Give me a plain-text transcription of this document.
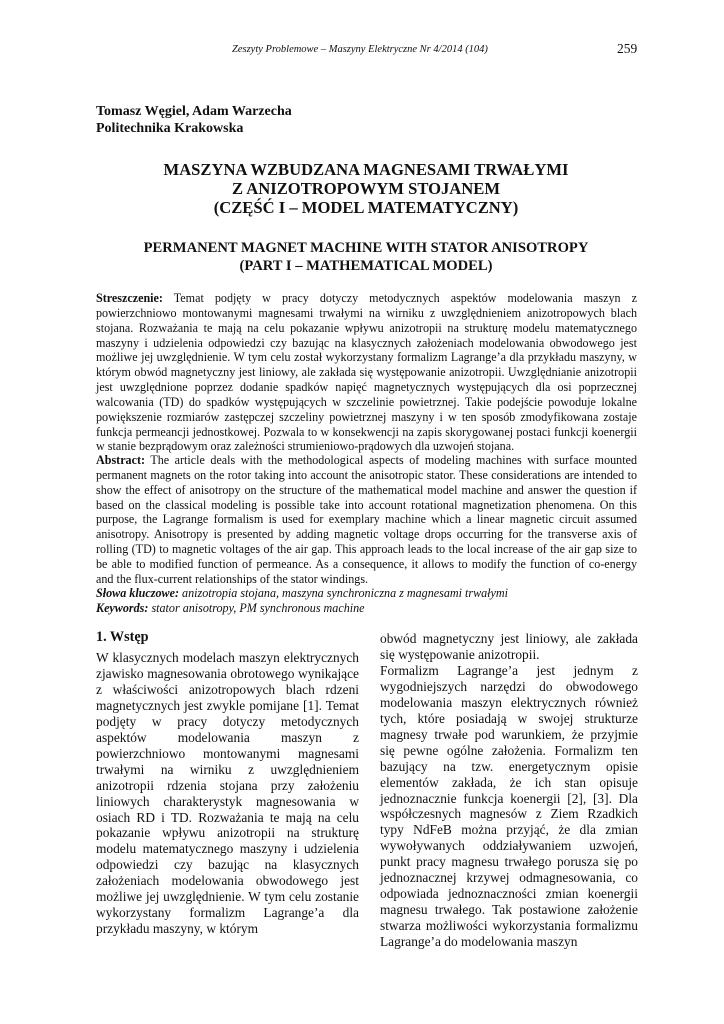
Zeszyty Problemowe – Maszyny Elektryczne Nr 4/2014 (104)	259
Tomasz Węgiel, Adam Warzecha
Politechnika Krakowska
MASZYNA WZBUDZANA MAGNESAMI TRWAŁYMI
Z ANIZOTROPOWYM STOJANEM
(CZĘŚĆ I – MODEL MATEMATYCZNY)
PERMANENT MAGNET MACHINE WITH STATOR ANISOTROPY
(PART I – MATHEMATICAL MODEL)

Streszczenie: Temat podjęty w pracy dotyczy metodycznych aspektów modelowania maszyn z powierzchniowo montowanymi magnesami trwałymi na wirniku z uwzględnieniem anizotropowych blach stojana. Rozważania te mają na celu pokazanie wpływu anizotropii na strukturę modelu matematycznego maszyny i udzielenia odpowiedzi czy bazując na klasycznych założeniach modelowania obwodowego jest możliwe jej uwzględnienie. W tym celu został wykorzystany formalizm Lagrange’a dla przykładu maszyny, w którym obwód magnetyczny jest liniowy, ale zakłada się występowanie anizotropii. Uwzględnianie anizotropii jest uwzględnione poprzez dodanie spadków napięć magnetycznych występujących dla osi poprzecznej walcowania (TD) do spadków występujących w szczelinie powietrznej. Takie podejście powoduje lokalne powiększenie rozmiarów zastępczej szczeliny powietrznej maszyny i w ten sposób zmodyfikowana zostaje funkcja permeancji jednostkowej. Pozwala to w konsekwencji na zapis skorygowanej postaci funkcji koenergii w stanie bezprądowym oraz zależności strumieniowo-prądowych dla uzwojeń stojana.

Abstract: The article deals with the methodological aspects of modeling machines with surface mounted permanent magnets on the rotor taking into account the anisotropic stator. These considerations are intended to show the effect of anisotropy on the structure of the mathematical model machine and answer the question if based on the classical modeling is possible take into account rotational magnetization phenomena. On this purpose, the Lagrange formalism is used for exemplary machine which a linear magnetic circuit assumed anisotropy. Anisotropy is presented by adding magnetic voltage drops occurring for the transverse axis of rolling (TD) to magnetic voltages of the air gap. This approach leads to the local increase of the air gap size to be able to modified function of permeance. As a consequence, it allows to modify the function of co-energy and the flux-current relationships of the stator windings.

Słowa kluczowe: anizotropia stojana, maszyna synchroniczna z magnesami trwałymi
Keywords: stator anisotropy, PM synchronous machine
1. Wstęp

W klasycznych modelach maszyn elektrycznych zjawisko magnesowania obrotowego wynikające z właściwości anizotropowych blach rdzeni magnetycznych jest zwykle pomijane [1]. Temat podjęty w pracy dotyczy metodycznych aspektów modelowania maszyn z powierzchniowo montowanymi magnesami trwałymi na wirniku z uwzględnieniem anizotropii rdzenia stojana przy założeniu liniowych charakterystyk magnesowania w osiach RD i TD. Rozważania te mają na celu pokazanie wpływu anizotropii na strukturę modelu matematycznego maszyny i udzielenia odpowiedzi czy bazując na klasycznych założeniach modelowania obwodowego jest możliwe jej uwzględnienie. W tym celu zostanie wykorzystany formalizm Lagrange’a dla przykładu maszyny, w którym

obwód magnetyczny jest liniowy, ale zakłada się występowanie anizotropii.

Formalizm Lagrange’a jest jednym z wygodniejszych narzędzi do obwodowego modelowania maszyn elektrycznych również tych, które posiadają w swojej strukturze magnesy trwałe pod warunkiem, że przyjmie się pewne ogólne założenia. Formalizm ten bazujący na tzw. energetycznym opisie elementów zakłada, że ich stan opisuje jednoznacznie funkcja koenergii [2], [3]. Dla współczesnych magnesów z Ziem Rzadkich typy NdFeB można przyjąć, że dla zmian wywoływanych oddziaływaniem uzwojeń, punkt pracy magnesu trwałego porusza się po jednoznacznej krzywej odmagnesowania, co odpowiada jednoznaczności zmian koenergii magnesu trwałego. Tak postawione założenie stwarza możliwości wykorzystania formalizmu Lagrange’a do modelowania maszyn
